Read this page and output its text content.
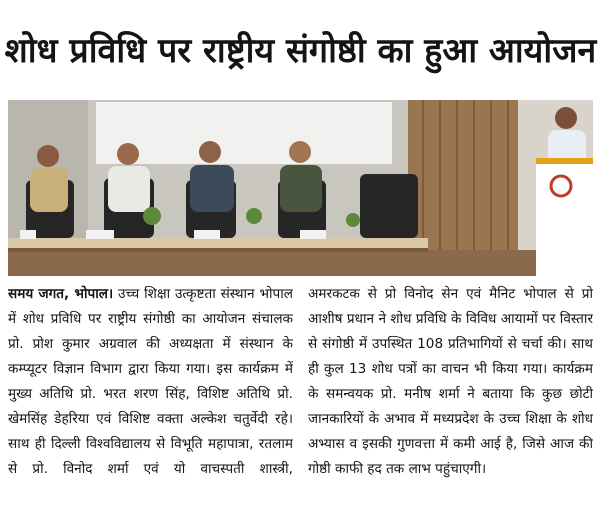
शोध प्रविधि पर राष्ट्रीय संगोष्ठी का हुआ आयोजन

समय जगत, भोपाल। उच्च शिक्षा उत्कृष्टता संस्थान भोपाल में शोध प्रविधि पर राष्ट्रीय संगोष्ठी का आयोजन संचालक प्रो. प्रोश कुमार अग्रवाल की अध्यक्षता में संस्थान के कम्प्यूटर विज्ञान विभाग द्वारा किया गया। इस कार्यक्रम में मुख्य अतिथि प्रो. भरत शरण सिंह, विशिष्ट अतिथि प्रो. खेमसिंह डेहरिया एवं विशिष्ट वक्ता अल्केश चतुर्वेदी रहे। साथ ही दिल्ली विश्वविद्यालय से विभूति महापात्रा, रतलाम से प्रो. विनोद शर्मा एवं यो वाचस्पती शास्त्री,

अमरकटक से प्रो विनोद सेन एवं मैनिट भोपाल से प्रो आशीष प्रधान ने शोध प्रविधि के विविध आयामों पर विस्तार से संगोष्ठी में उपस्थित 108 प्रतिभागियों से चर्चा की। साथ ही कुल 13 शोध पत्रों का वाचन भी किया गया। कार्यक्रम के समन्वयक प्रो. मनीष शर्मा ने बताया कि कुछ छोटी जानकारियों के अभाव में मध्यप्रदेश के उच्च शिक्षा के शोध अभ्यास व इसकी गुणवत्ता में कमी आई है, जिसे आज की गोष्ठी काफी हद तक लाभ पहुंचाएगी।
